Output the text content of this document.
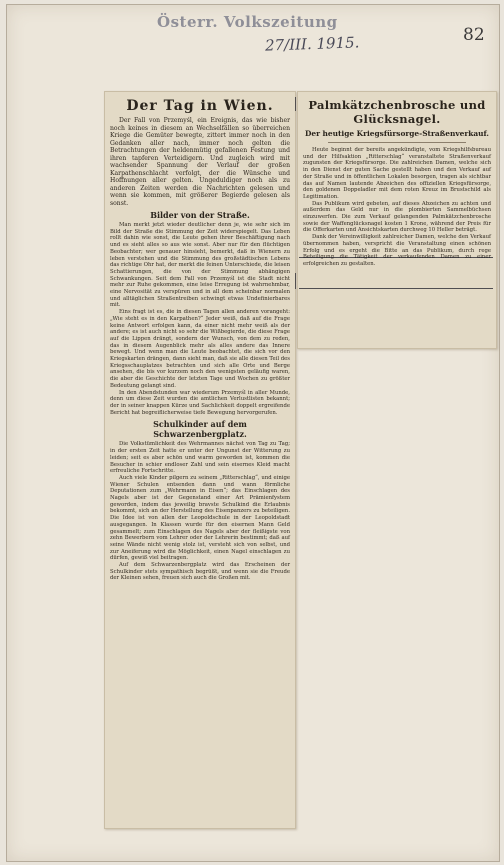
Österr. Volkszeitung
27/III. 1915.	82
Der Tag in Wien.
Der Fall von Przemyśl, ein Ereignis, das wie bisher noch keines in diesem an Wechselfällen so überreichen Kriege die Gemüter bewegte, zittert immer noch in den Gedanken aller nach, immer noch gelten die Betrachtungen der heldenmütig gefallenen Festung und ihren tapferen Verteidigern. Und zugleich wird mit wachsender Spannung der Verlauf der großen Karpathenschlacht verfolgt, der die Wünsche und Hoffnungen aller gelten. Ungeduldiger noch als zu anderen Zeiten werden die Nachrichten gelesen und wenn sie kommen, mit größerer Begierde gelesen als sonst.
Bilder von der Straße.
Man merkt jetzt wieder deutlicher denn je, wie sehr sich im Bild der Straße die Stimmung der Zeit widerspiegelt. Das Leben rollt dahin wie sonst, die Leute gehen ihrer Beschäftigung nach und es sieht alles so aus wie sonst. Aber nur für den flüchtigen Beobachter; wer genauer hinsieht, bemerkt, daß in Wienern zu leben verstehen und die Stimmung des großstädtischen Lebens das richtige Ohr hat, der merkt die feinen Unterschiede, die leisen Schattierungen, die von der Stimmung abhängigen Schwankungen. Seit dem Fall von Przemyśl ist die Stadt nicht mehr zur Ruhe gekommen, eine leise Erregung ist wahrnehmbar, eine Nervosität zu verspüren und in all dem scheinbar normalen und alltäglichen Straßentreiben schwingt etwas Undefinierbares mit.
Eins fragt ist es, die in diesen Tagen allen anderen vorangeht: „Wie steht es in den Karpathen?“ Jeder weiß, daß auf die Frage keine Antwort erfolgen kann, da einer nicht mehr weiß als der andere; es ist auch nicht so sehr die Wißbegierde, die diese Frage auf die Lippen drängt, sondern der Wunsch, von dem zu reden, das in diesem Augenblick mehr als alles andere das Innere bewegt. Und wenn man die Leute beobachtet, die sich vor den Kriegskarten drängen, dann sieht man, daß sie alle diesen Teil des Kriegsschauplatzes betrachten und sich alle Orte und Berge ansehen, die bis vor kurzem noch den wenigsten geläufig waren, die aber die Geschichte der letzten Tage und Wochen zu größter Bedeutung gelangt sind.
In den Abendstunden war wiederum Przemyśl in aller Munde, denn um diese Zeit wurden die amtlichen Verlustlisten bekannt; der in seiner knappen Kürze und Sachlichkeit doppelt ergreifende Bericht hat begreiflicherweise tiefe Bewegung hervorgerufen.
Schulkinder auf dem Schwarzenbergplatz.
Die Volkstümlichkeit des Wehrmannes nächst von Tag zu Tag; in der ersten Zeit hatte er unter der Ungunst der Witterung zu leiden; seit es aber schön und warm geworden ist, kommen die Besucher in schier endloser Zahl und sein eisernes Kleid macht erfreuliche Fortschritte.
Auch viele Kinder pilgern zu seinem „Ritterschlag“, und einige Wiener Schulen entsenden dann und wann förmliche Deputationen zum „Wehrmann in Eisen“; das Einschlagen des Nagels aber ist der Gegenstand einer Art Prämienfystem geworden, indem das jeweilig bravste Schulkind die Erlaubnis bekommt, sich an der Herstellung des Eisenpanzers zu beteiligen. Die Idee ist von allen der Leopoldschule in der Leopoldstadt ausgegangen. In Klassen wurde für den eisernen Mann Geld gesammelt; zum Einschlagen des Nagels aber der fleißigste von zehn Bewerbern vom Lehrer oder der Lehrerin bestimmt; daß auf seine Wände nicht wenig stolz ist, versteht sich von selbst, und zur Aneiferung wird die Möglichkeit, einen Nagel einschlagen zu dürfen, gewiß viel beitragen.
Auf dem Schwarzenbergplatz wird das Erscheinen der Schulkinder stets sympathisch begrüßt, und wenn sie die Freude der Kleinen sehen, freuen sich auch die Großen mit.
Palmkätzchenbrosche und Glücksnagel.
Der heutige Kriegsfürsorge-Straßenverkauf.
Heute beginnt der bereits angekündigte, vom Kriegshilfsbureau und der Hilfsaktion „Ritterschlag“ veranstaltete Straßenverkauf zugunsten der Kriegsfürsorge. Die zahlreichen Damen, welche sich in den Dienst der guten Sache gestellt haben und den Verkauf auf der Straße und in öffentlichen Lokalen besorgen, tragen als sichtbar das auf Namen lautende Abzeichen des offiziellen Kriegsfürsorge, den goldenen Doppeladler mit dem roten Kreuz im Brustschild als Legitimation.
Das Publikum wird gebeten, auf dieses Abzeichen zu achten und außerdem das Geld nur in die plombierten Sammelbüchsen einzuwerfen. Die zum Verkauf gelangenden Palmkätzchenbrosche sowie der Waffenglücksnagel kosten 1 Krone, während der Preis für die Offerkarten und Ansichtskarten durchweg 10 Heller beträgt.
Dank der Vereinwilligkeit zahlreicher Damen, welche den Verkauf übernommen haben, verspricht die Veranstaltung einen schönen Erfolg und es ergeht die Bitte an das Publikum, durch rege erfolgreichen zu gestalten.
